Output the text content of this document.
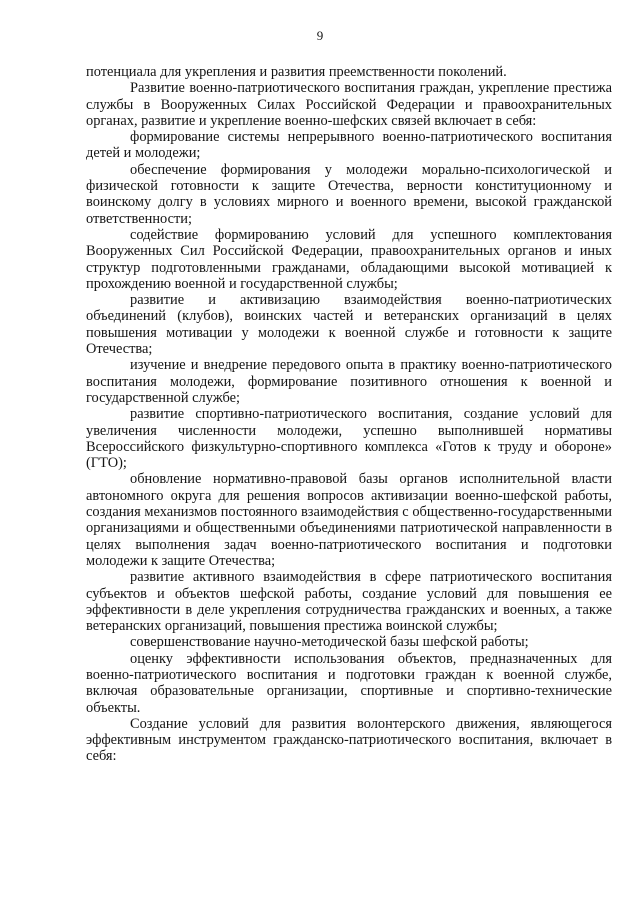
9

потенциала для укрепления и развития преемственности поколений.

Развитие военно-патриотического воспитания граждан, укрепление престижа службы в Вооруженных Силах Российской Федерации и правоохранительных органах, развитие и укрепление военно-шефских связей включает в себя:

формирование системы непрерывного военно-патриотического воспитания детей и молодежи;

обеспечение формирования у молодежи морально-психологической и физической готовности к защите Отечества, верности конституционному и воинскому долгу в условиях мирного и военного времени, высокой гражданской ответственности;

содействие формированию условий для успешного комплектования Вооруженных Сил Российской Федерации, правоохранительных органов и иных структур подготовленными гражданами, обладающими высокой мотивацией к прохождению военной и государственной службы;

развитие и активизацию взаимодействия военно-патриотических объединений (клубов), воинских частей и ветеранских организаций в целях повышения мотивации у молодежи к военной службе и готовности к защите Отечества;

изучение и внедрение передового опыта в практику военно-патриотического воспитания молодежи, формирование позитивного отношения к военной и государственной службе;

развитие спортивно-патриотического воспитания, создание условий для увеличения численности молодежи, успешно выполнившей нормативы Всероссийского физкультурно-спортивного комплекса «Готов к труду и обороне» (ГТО);

обновление нормативно-правовой базы органов исполнительной власти автономного округа для решения вопросов активизации военно-шефской работы, создания механизмов постоянного взаимодействия с общественно-государственными организациями и общественными объединениями патриотической направленности в целях выполнения задач военно-патриотического воспитания и подготовки молодежи к защите Отечества;

развитие активного взаимодействия в сфере патриотического воспитания субъектов и объектов шефской работы, создание условий для повышения ее эффективности в деле укрепления сотрудничества гражданских и военных, а также ветеранских организаций, повышения престижа воинской службы;

совершенствование научно-методической базы шефской работы;

оценку эффективности использования объектов, предназначенных для военно-патриотического воспитания и подготовки граждан к военной службе, включая образовательные организации, спортивные и спортивно-технические объекты.

Создание условий для развития волонтерского движения, являющегося эффективным инструментом гражданско-патриотического воспитания, включает в себя:
